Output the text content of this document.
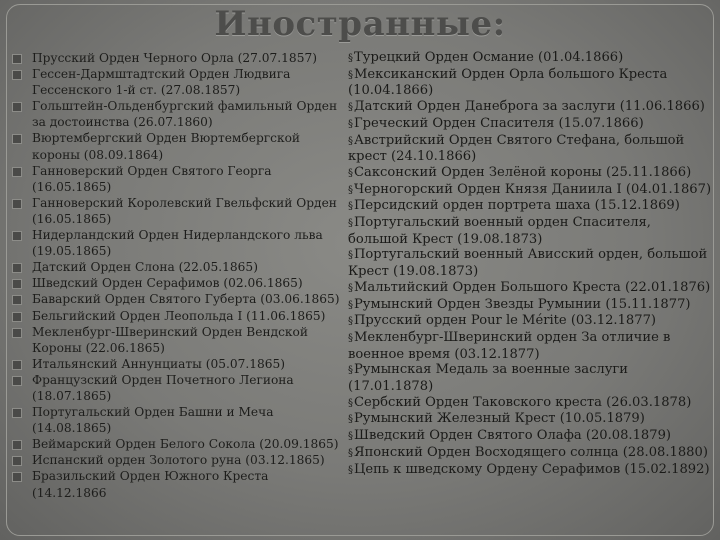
Иностранные:
Прусский Орден Черного Орла (27.07.1857)
Гессен-Дармштадтский Орден Людвига Гессенского 1-й ст. (27.08.1857)
Гольштейн-Ольденбургский фамильный Орден за достоинства (26.07.1860)
Вюртембергский Орден Вюртембергской короны (08.09.1864)
Ганноверский Орден Святого Георга (16.05.1865)
Ганноверский Королевский Гвельфский Орден (16.05.1865)
Нидерландский Орден Нидерландского льва (19.05.1865)
Датский Орден Слона (22.05.1865)
Шведский Орден Серафимов (02.06.1865)
Баварский Орден Святого Губерта (03.06.1865)
Бельгийский Орден Леопольда I (11.06.1865)
Мекленбург-Шверинский Орден Вендской Короны (22.06.1865)
Итальянский Аннунциаты (05.07.1865)
Французский Орден Почетного Легиона (18.07.1865)
Португальский Орден Башни и Меча (14.08.1865)
Веймарский Орден Белого Сокола (20.09.1865)
Испанский орден Золотого руна (03.12.1865)
Бразильский Орден Южного Креста (14.12.1866
§Турецкий Орден Османие (01.04.1866)
§Мексиканский Орден Орла большого Креста (10.04.1866)
§Датский Орден Данеброга за заслуги (11.06.1866)
§Греческий Орден Спасителя (15.07.1866)
§Австрийский Орден Святого Стефана, большой крест (24.10.1866)
§Саксонский Орден Зелёной короны (25.11.1866)
§Черногорский Орден Князя Даниила I (04.01.1867)
§Персидский орден портрета шаха (15.12.1869)
§Португальский военный орден Спасителя, большой Крест (19.08.1873)
§Португальский военный Ависский орден, большой Крест (19.08.1873)
§Мальтийский Орден Большого Креста (22.01.1876)
§Румынский Орден Звезды Румынии (15.11.1877)
§Прусский орден Pour le Mérite (03.12.1877)
§Мекленбург-Шверинский орден За отличие в военное время (03.12.1877)
§Румынская Медаль за военные заслуги (17.01.1878)
§Сербский Орден Таковского креста (26.03.1878)
§Румынский Железный Крест (10.05.1879)
§Шведский Орден Святого Олафа (20.08.1879)
§Японский Орден Восходящего солнца (28.08.1880)
§Цепь к шведскому Ордену Серафимов (15.02.1892)
